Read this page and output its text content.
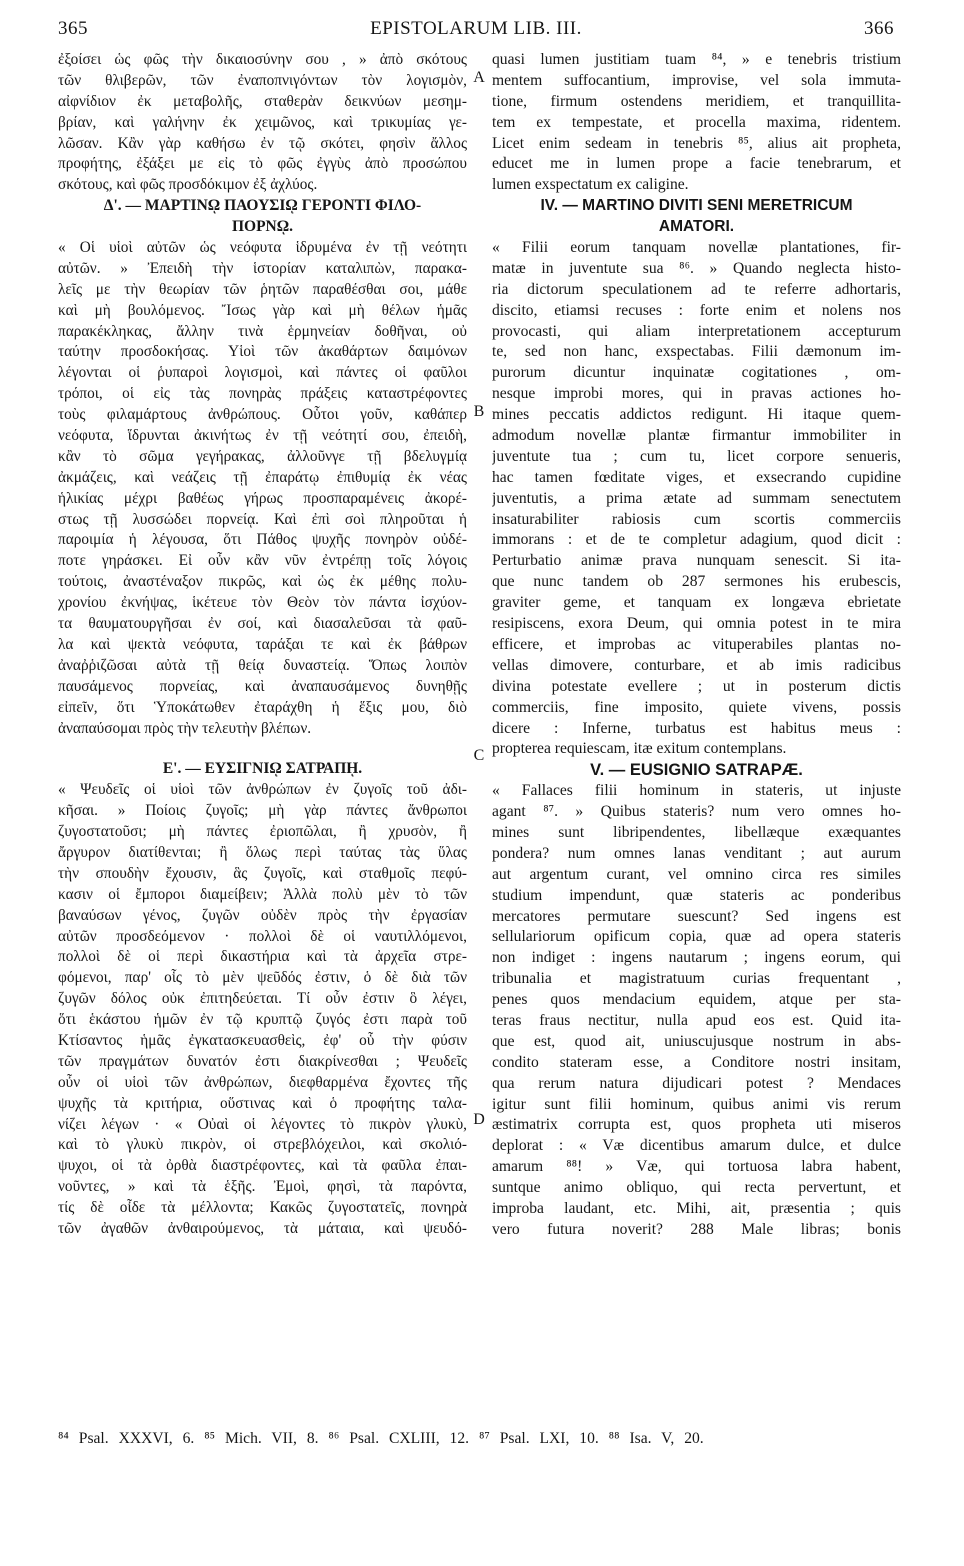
365	EPISTOLARUM LIB. III.	366
ἐξοίσει ὡς φῶς τὴν δικαιοσύνην σου , » ἀπὸ σκότους
τῶν θλιβερῶν, τῶν ἐναποπνιγόντων τὸν λογισμὸν,
αἰφνίδιον ἐκ μεταβολῆς, σταθερὰν δεικνύων μεσημ-
βρίαν, καὶ γαλήνην ἐκ χειμῶνος, καὶ τρικυμίας γε-
λῶσαν. Κἂν γὰρ καθήσω ἐν τῷ σκότει, φησὶν ἄλλος
προφήτης, ἐξάξει με εἰς τὸ φῶς ἐγγὺς ἀπὸ προσώπου
σκότους, καὶ φῶς προσδόκιμον ἐξ ἀχλύος.
Δ'. — ΜΑΡΤΙΝῼ ΠΑΟΥΣΙῼ ΓΕΡΟΝΤΙ ΦΙΛΟ-
ΠΟΡΝῼ.
« Οἱ υἱοὶ αὐτῶν ὡς νεόφυτα ἱδρυμένα ἐν τῇ νεότητι
αὐτῶν. » Ἐπειδὴ τὴν ἱστορίαν καταλιπὼν, παρακα-
λεῖς με τὴν θεωρίαν τῶν ῥητῶν παραθέσθαι σοι, μάθε
καὶ μὴ βουλόμενος. Ἴσως γὰρ καὶ μὴ θέλων ἡμᾶς
παρακέκληκας, ἄλλην τινὰ ἑρμηνείαν δοθῆναι, οὐ
ταύτην προσδοκήσας. Υἱοὶ τῶν ἀκαθάρτων δαιμόνων
λέγονται οἱ ῥυπαροὶ λογισμοὶ, καὶ πάντες οἱ φαῦλοι
τρόποι, οἱ εἰς τὰς πονηρὰς πράξεις καταστρέφοντες
τοὺς φιλαμάρτους ἀνθρώπους. Οὗτοι γοῦν, καθάπερ
νεόφυτα, ἵδρυνται ἀκινήτως ἐν τῇ νεότητί σου, ἐπειδὴ,
κἂν τὸ σῶμα γεγήρακας, ἀλλοῦνγε τῇ βδελυγμίᾳ
ἀκμάζεις, καὶ νεάζεις τῇ ἐπαράτῳ ἐπιθυμίᾳ ἐκ νέας
ἡλικίας μέχρι βαθέως γήρως προσπαραμένεις ἀκορέ-
στως τῇ λυσσώδει πορνείᾳ. Καὶ ἐπὶ σοὶ πληροῦται ἡ
παροιμία ἡ λέγουσα, ὅτι Πάθος ψυχῆς πονηρὸν οὐδέ-
ποτε γηράσκει. Εἰ οὖν κἂν νῦν ἐντρέπῃ τοῖς λόγοις
τούτοις, ἀναστέναξον πικρῶς, καὶ ὡς ἐκ μέθης πολυ-
χρονίου ἐκνήψας, ἱκέτευε τὸν Θεὸν τὸν πάντα ἰσχύον-
τα θαυματουργῆσαι ἐν σοί, καὶ διασαλεῦσαι τὰ φαῦ-
λα καὶ ψεκτὰ νεόφυτα, ταράξαι τε καὶ ἐκ βάθρων
ἀναῤῥιζῶσαι αὐτὰ τῇ θείᾳ δυναστείᾳ. Ὅπως λοιπὸν
παυσάμενος πορνείας, καὶ ἀναπαυσάμενος δυνηθῇς
εἰπεῖν, ὅτι Ὑποκάτωθεν ἐταράχθη ἡ ἕξις μου, διὸ
ἀναπαύσομαι πρὸς τὴν τελευτὴν βλέπων.
Ε'. — ΕΥΣΙΓΝΙῼ ΣΑΤΡΑΠῌ.
« Ψευδεῖς οἱ υἱοὶ τῶν ἀνθρώπων ἐν ζυγοῖς τοῦ ἀδι-
κῆσαι. » Ποίοις ζυγοῖς; μὴ γὰρ πάντες ἄνθρωποι
ζυγοστατοῦσι; μὴ πάντες ἐριοπῶλαι, ἢ χρυσὸν, ἢ
ἄργυρον διατίθενται; ἢ ὅλως περὶ ταύτας τὰς ὕλας
τὴν σπουδὴν ἔχουσιν, ἃς ζυγοῖς, καὶ σταθμοῖς πεφύ-
κασιν οἱ ἔμποροι διαμείβειν; Ἀλλὰ πολὺ μὲν τὸ τῶν
βαναύσων γένος, ζυγῶν οὐδὲν πρὸς τὴν ἐργασίαν
αὐτῶν προσδεόμενον · πολλοὶ δὲ οἱ ναυτιλλόμενοι,
πολλοὶ δὲ οἱ περὶ δικαστήρια καὶ τὰ ἀρχεῖα στρε-
φόμενοι, παρ' οἷς τὸ μὲν ψεῦδός ἐστιν, ὁ δὲ διὰ τῶν
ζυγῶν δόλος οὐκ ἐπιτηδεύεται. Τί οὖν ἐστιν ὃ λέγει,
ὅτι ἑκάστου ἡμῶν ἐν τῷ κρυπτῷ ζυγός ἐστι παρὰ τοῦ
Κτίσαντος ἡμᾶς ἐγκατασκευασθεὶς, ἐφ' οὗ τὴν φύσιν
τῶν πραγμάτων δυνατόν ἐστι διακρίνεσθαι ; Ψευδεῖς
οὖν οἱ υἱοὶ τῶν ἀνθρώπων, διεφθαρμένα ἔχοντες τῆς
ψυχῆς τὰ κριτήρια, οὕστινας καὶ ὁ προφήτης ταλα-
νίζει λέγων · « Οὐαὶ οἱ λέγοντες τὸ πικρὸν γλυκὺ,
καὶ τὸ γλυκὺ πικρὸν, οἱ στρεβλόχειλοι, καὶ σκολιό-
ψυχοι, οἱ τὰ ὀρθὰ διαστρέφοντες, καὶ τὰ φαῦλα ἐπαι-
νοῦντες, » καὶ τὰ ἑξῆς. Ἐμοὶ, φησὶ, τὰ παρόντα,
τίς δὲ οἶδε τὰ μέλλοντα; Κακῶς ζυγοστατεῖς, πονηρὰ
τῶν ἀγαθῶν ἀνθαιρούμενος, τὰ μάταια, καὶ ψευδό-
quasi lumen justitiam tuam ⁸⁴, » e tenebris tristium
mentem suffocantium, improvise, vel sola immuta-
tione, firmum ostendens meridiem, et tranquillita-
tem ex tempestate, et procella maxima, ridentem.
Licet enim sedeam in tenebris ⁸⁵, alius ait propheta,
educet me in lumen prope a facie tenebrarum, et
lumen exspectatum ex caligine.
IV. — MARTINO DIVITI SENI MERETRICUM
AMATORI.
« Filii eorum tanquam novellæ plantationes, fir-
matæ in juventute sua ⁸⁶. » Quando neglecta histo-
ria dictorum speculationem ad te referre adhortaris,
discito, etiamsi recuses : forte enim et nolens nos
provocasti, qui aliam interpretationem accepturum
te, sed non hanc, exspectabas. Filii dæmonum im-
purorum dicuntur inquinatæ cogitationes , om-
nesque improbi mores, qui in pravas actiones ho-
mines peccatis addictos redigunt. Hi itaque quem-
admodum novellæ plantæ firmantur immobiliter in
juventute tua ; cum tu, licet corpore senueris,
hac tamen fœditate viges, et exsecrando cupidine
juventutis, a prima ætate ad summam senectutem
insaturabiliter rabiosis cum scortis commerciis
immorans : et de te completur adagium, quod dicit :
Perturbatio animæ prava nunquam senescit. Si ita-
que nunc tandem ob 287 sermones his erubescis,
graviter geme, et tanquam ex longæva ebrietate
resipiscens, exora Deum, qui omnia potest in te mira
efficere, et improbas ac vituperabiles plantas no-
vellas dimovere, conturbare, et ab imis radicibus
divina potestate evellere ; ut in posterum dictis
commerciis, fine imposito, quiete vivens, possis
dicere : Inferne, turbatus est habitus meus :
propterea requiescam, itæ exitum contemplans.
V. — EUSIGNIO SATRAPÆ.
« Fallaces filii hominum in stateris, ut injuste
agant ⁸⁷. » Quibus stateris? num vero omnes ho-
mines sunt libripendentes, libellæque exæquantes
pondera? num omnes lanas venditant ; aut aurum
aut argentum curant, vel omnino circa res similes
studium impendunt, quæ stateris ac ponderibus
mercatores permutare suescunt? Sed ingens est
sellulariorum opificum copia, quæ ad opera stateris
non indiget : ingens nautarum ; ingens eorum, qui
tribunalia et magistratuum curias frequentant ,
penes quos mendacium equidem, atque per sta-
teras fraus nectitur, nulla apud eos est. Quid ita-
que est, quod ait, uniuscujusque nostrum in abs-
condito stateram esse, a Conditore nostri insitam,
qua rerum natura dijudicari potest ? Mendaces
igitur sunt filii hominum, quibus animi vis rerum
æstimatrix corrupta est, quos propheta uti miseros
deplorat : « Væ dicentibus amarum dulce, et dulce
amarum ⁸⁸! » Væ, qui tortuosa labra habent,
suntque animo obliquo, qui recta pervertunt, et
improba laudant, etc. Mihi, ait, præsentia ; quis
vero futura noverit? 288 Male libras; bonis
A
B
C
D
⁸⁴ Psal. XXXVI, 6. ⁸⁵ Mich. VII, 8. ⁸⁶ Psal. CXLIII, 12. ⁸⁷ Psal. LXI, 10. ⁸⁸ Isa. V, 20.
